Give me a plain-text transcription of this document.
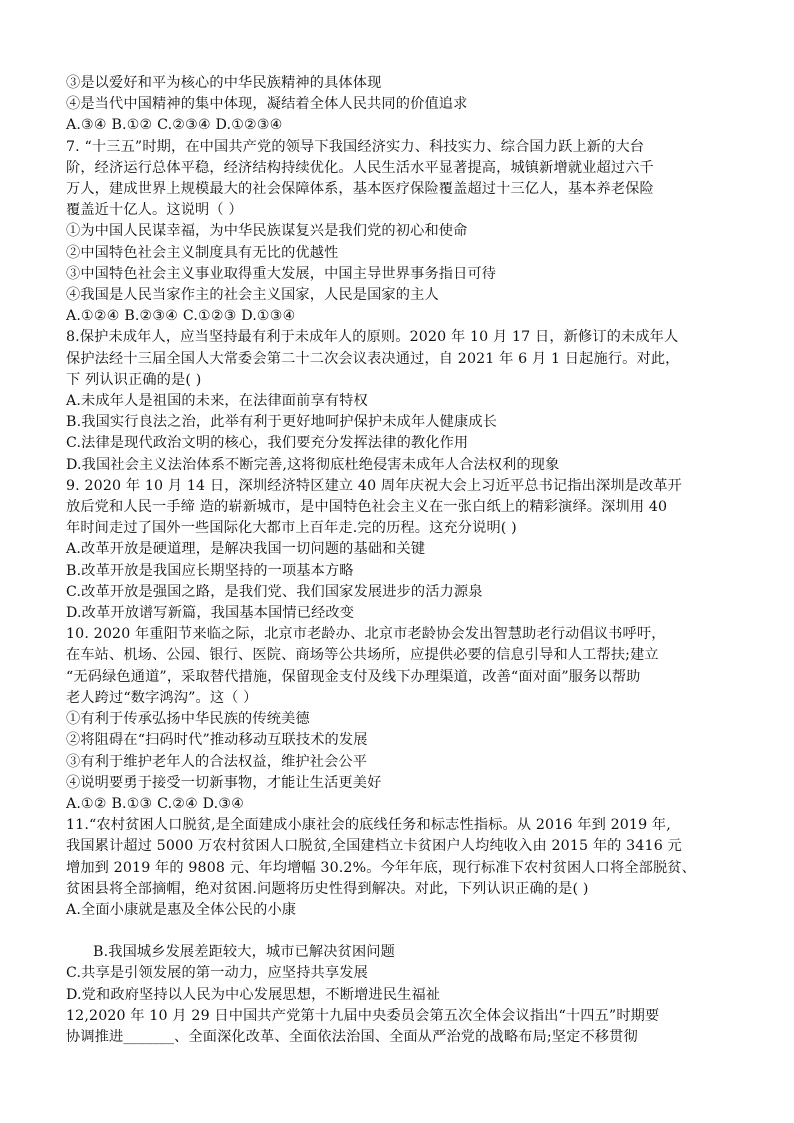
③是以爱好和平为核心的中华民族精神的具体体现
④是当代中国精神的集中体现，凝结着全体人民共同的价值追求
A.③④ B.①② C.②③④ D.①②③④
7. “十三五”时期，在中国共产党的领导下我国经济实力、科技实力、综合国力跃上新的大台
阶，经济运行总体平稳，经济结构持续优化。人民生活水平显著提高，城镇新增就业超过六千
万人，建成世界上规模最大的社会保障体系，基本医疗保险覆盖超过十三亿人，基本养老保险
覆盖近十亿人。这说明（ ）
①为中国人民谋幸福，为中华民族谋复兴是我们党的初心和使命
②中国特色社会主义制度具有无比的优越性
③中国特色社会主义事业取得重大发展，中国主导世界事务指日可待
④我国是人民当家作主的社会主义国家，人民是国家的主人
A.①②④ B.②③④ C.①②③ D.①③④
8.保护未成年人，应当坚持最有利于未成年人的原则。2020 年 10 月 17 日，新修订的未成年人
保护法经十三届全国人大常委会第二十二次会议表决通过，自 2021 年 6 月 1 日起施行。对此，
下 列认识正确的是( )
A.未成年人是祖国的未来，在法律面前享有特权
B.我国实行良法之治，此举有利于更好地呵护保护未成年人健康成长
C.法律是现代政治文明的核心，我们要充分发挥法律的教化作用
D.我国社会主义法治体系不断完善,这将彻底杜绝侵害未成年人合法权利的现象
9. 2020 年 10 月 14 日，深圳经济特区建立 40 周年庆祝大会上习近平总书记指出深圳是改革开
放后党和人民一手缔 造的崭新城市，是中国特色社会主义在一张白纸上的精彩演绎。深圳用 40
年时间走过了国外一些国际化大都市上百年走.完的历程。这充分说明( )
A.改革开放是硬道理，是解决我国一切问题的基础和关键
B.改革开放是我国应长期坚持的一项基本方略
C.改革开放是强国之路，是我们党、我们国家发展进步的活力源泉
D.改革开放谱写新篇，我国基本国情已经改变
10. 2020 年重阳节来临之际，北京市老龄办、北京市老龄协会发出智慧助老行动倡议书呼吁，
在车站、机场、公园、银行、医院、商场等公共场所，应提供必要的信息引导和人工帮扶;建立
“无码绿色通道”，采取替代措施，保留现金支付及线下办理渠道，改善“面对面”服务以帮助
老人跨过“数字鸿沟”。这（ ）
①有利于传承弘扬中华民族的传统美德
②将阻碍在“扫码时代”推动移动互联技术的发展
③有利于维护老年人的合法权益，维护社会公平
④说明要勇于接受一切新事物，才能让生活更美好
A.①② B.①③ C.②④ D.③④
11.“农村贫困人口脱贫,是全面建成小康社会的底线任务和标志性指标。从 2016 年到 2019 年,
我国累计超过 5000 万农村贫困人口脱贫,全国建档立卡贫困户人均纯收入由 2015 年的 3416 元
增加到 2019 年的 9808 元、年均增幅 30.2%。今年年底，现行标准下农村贫困人口将全部脱贫、
贫困县将全部摘帽，绝对贫困.问题将历史性得到解决。对此，下列认识正确的是( )
A.全面小康就是惠及全体公民的小康
B.我国城乡发展差距较大，城市已解决贫困问题
C.共享是引领发展的第一动力，应坚持共享发展
D.党和政府坚持以人民为中心发展思想，不断增进民生福祉
12,2020 年 10 月 29 日中国共产党第十九届中央委员会第五次全体会议指出“十四五”时期要
协调推进_______、全面深化改革、全面依法治国、全面从严治党的战略布局;坚定不移贯彻
